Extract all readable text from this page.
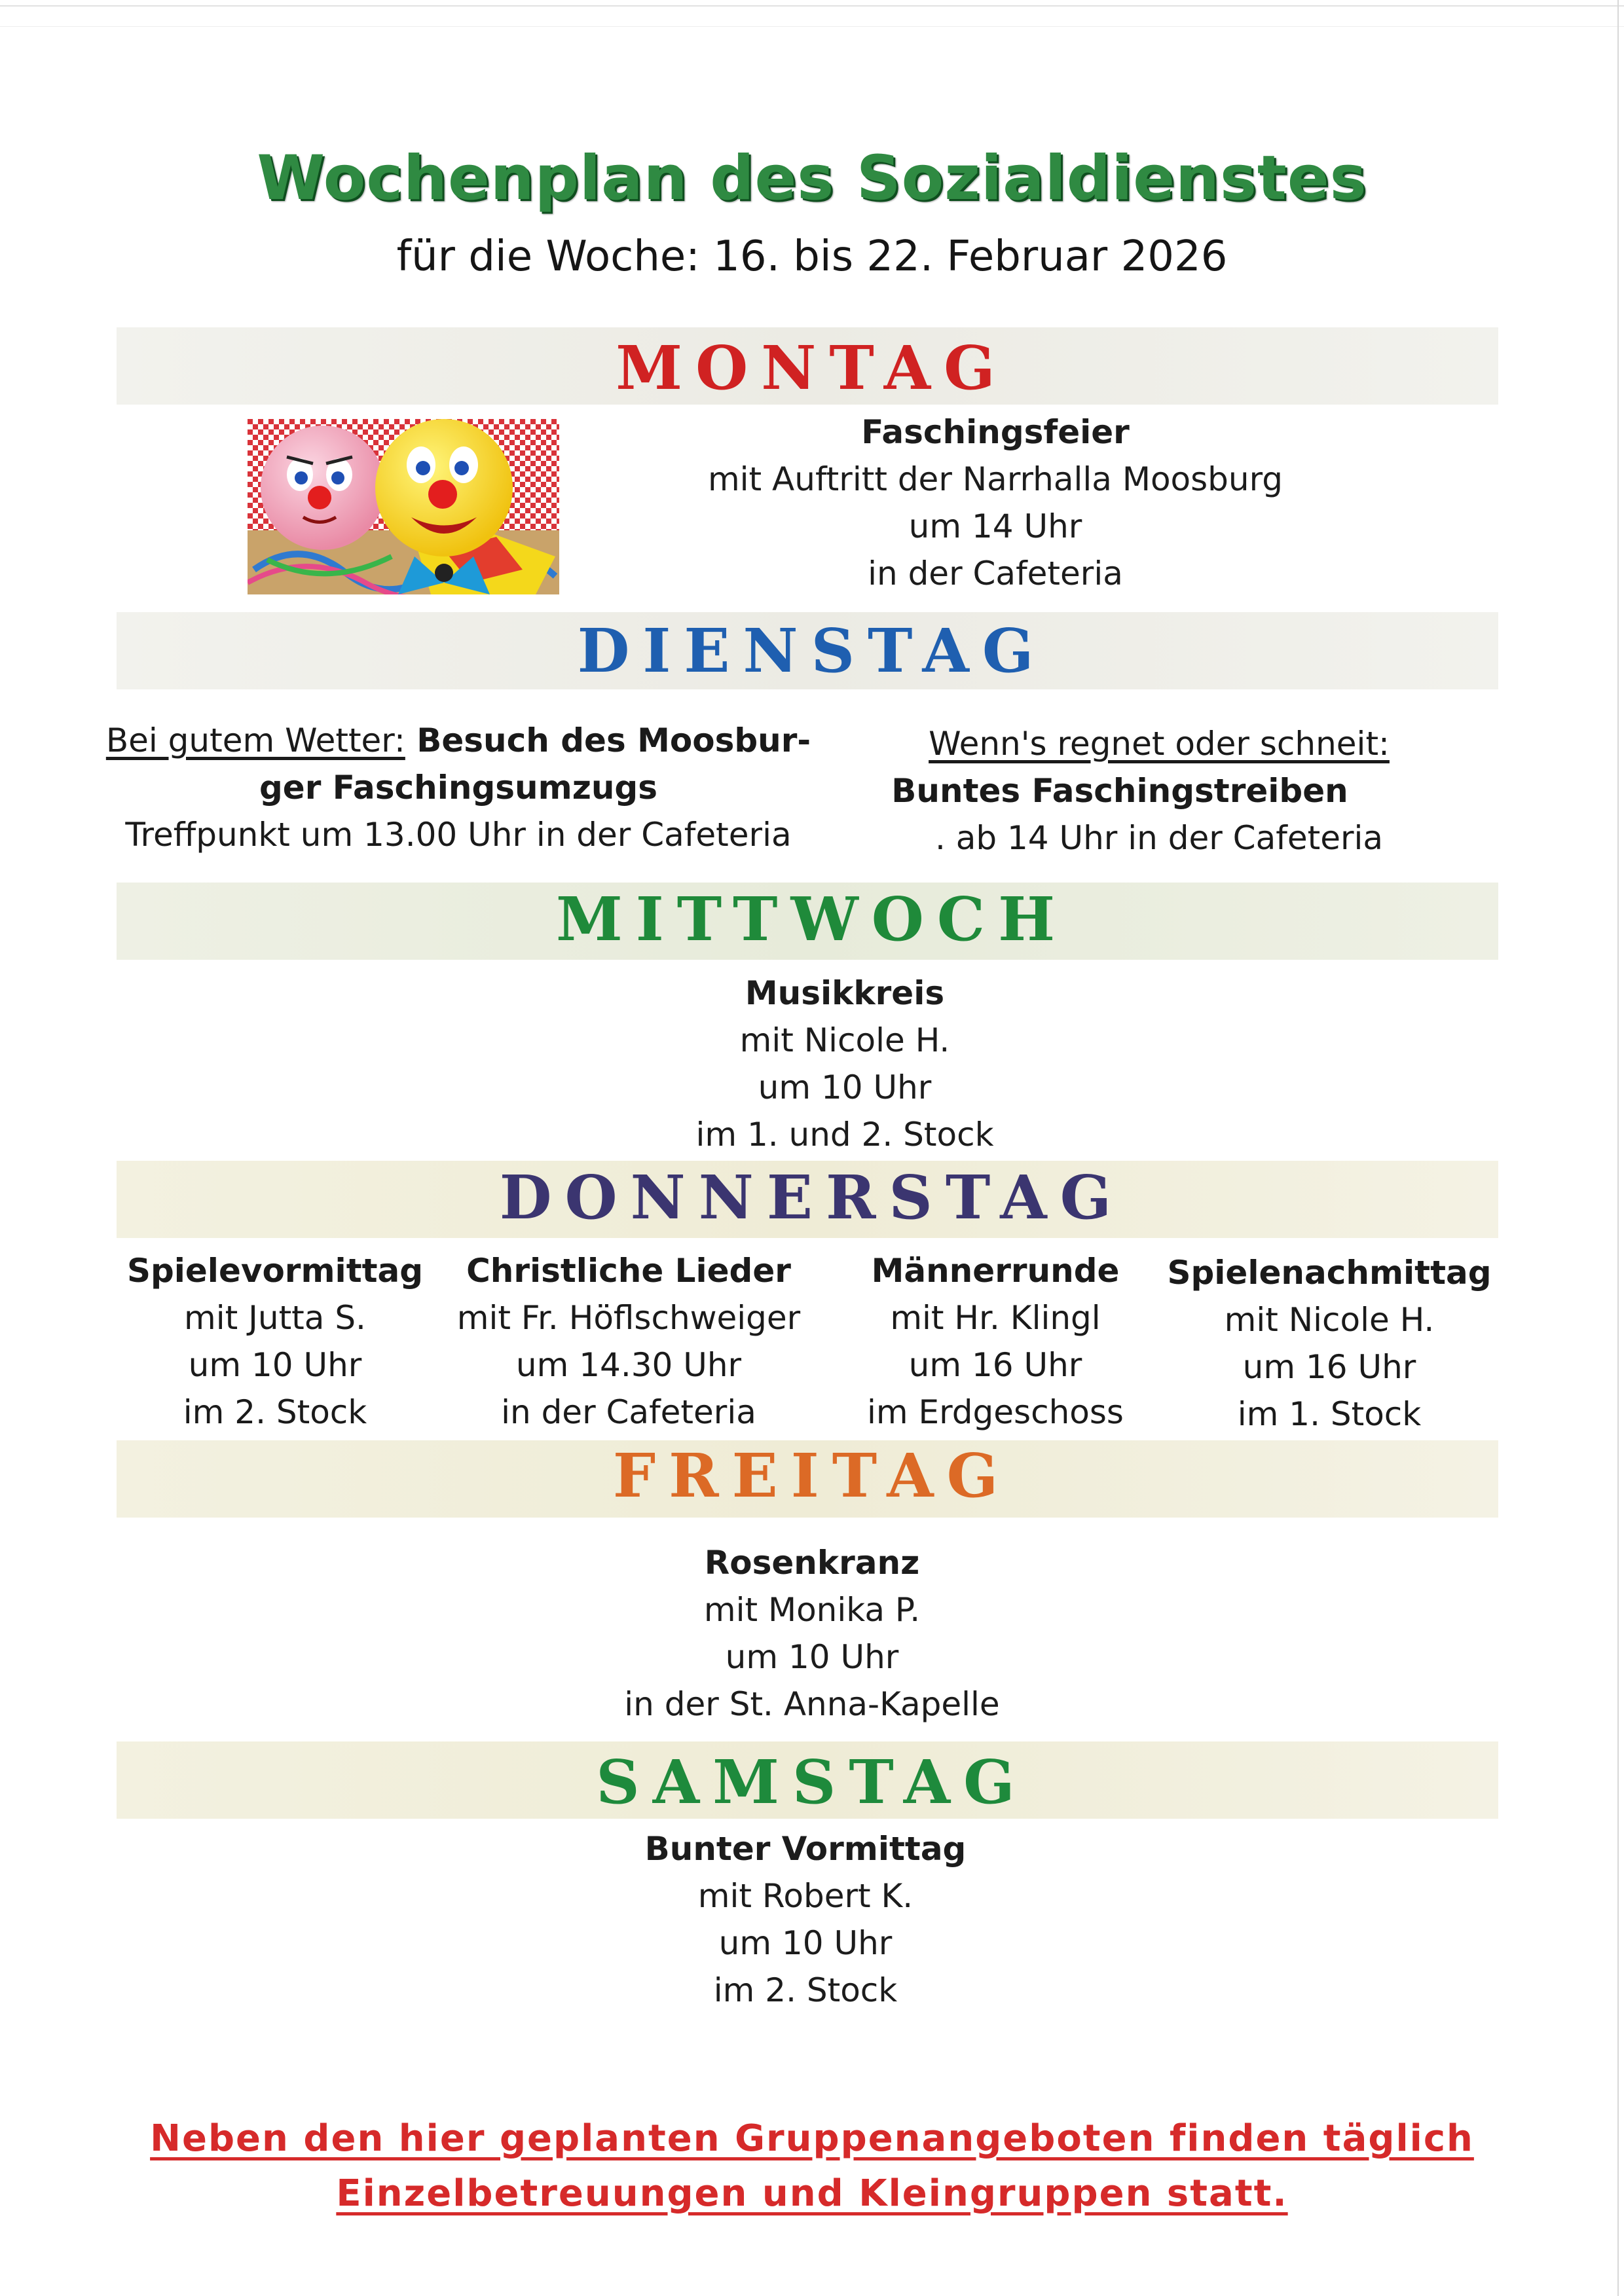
Wochenplan des Sozialdienstes
für die Woche: 16. bis 22. Februar 2026
MONTAG
Faschingsfeier
mit Auftritt der Narrhalla Moosburg
um 14 Uhr
in der Cafeteria
DIENSTAG
Bei gutem Wetter: Besuch des Moosbur-
ger Faschingsumzugs
Treffpunkt um 13.00 Uhr in der Cafeteria
Wenn's regnet oder schneit:
Buntes Faschingstreiben
. ab 14 Uhr in der Cafeteria
MITTWOCH
Musikkreis
mit Nicole H.
um 10 Uhr
im 1. und 2. Stock
DONNERSTAG
Spielevormittag
mit Jutta S.
um 10 Uhr
im 2. Stock
Christliche Lieder
mit Fr. Höflschweiger
um 14.30 Uhr
in der Cafeteria
Männerrunde
mit Hr. Klingl
um 16 Uhr
im Erdgeschoss
Spielenachmittag
mit Nicole H.
um 16 Uhr
im 1. Stock
FREITAG
Rosenkranz
mit Monika P.
um 10 Uhr
in der St. Anna-Kapelle
SAMSTAG
Bunter Vormittag
mit Robert K.
um 10 Uhr
im 2. Stock
Neben den hier geplanten Gruppenangeboten finden täglich
Einzelbetreuungen und Kleingruppen statt.
